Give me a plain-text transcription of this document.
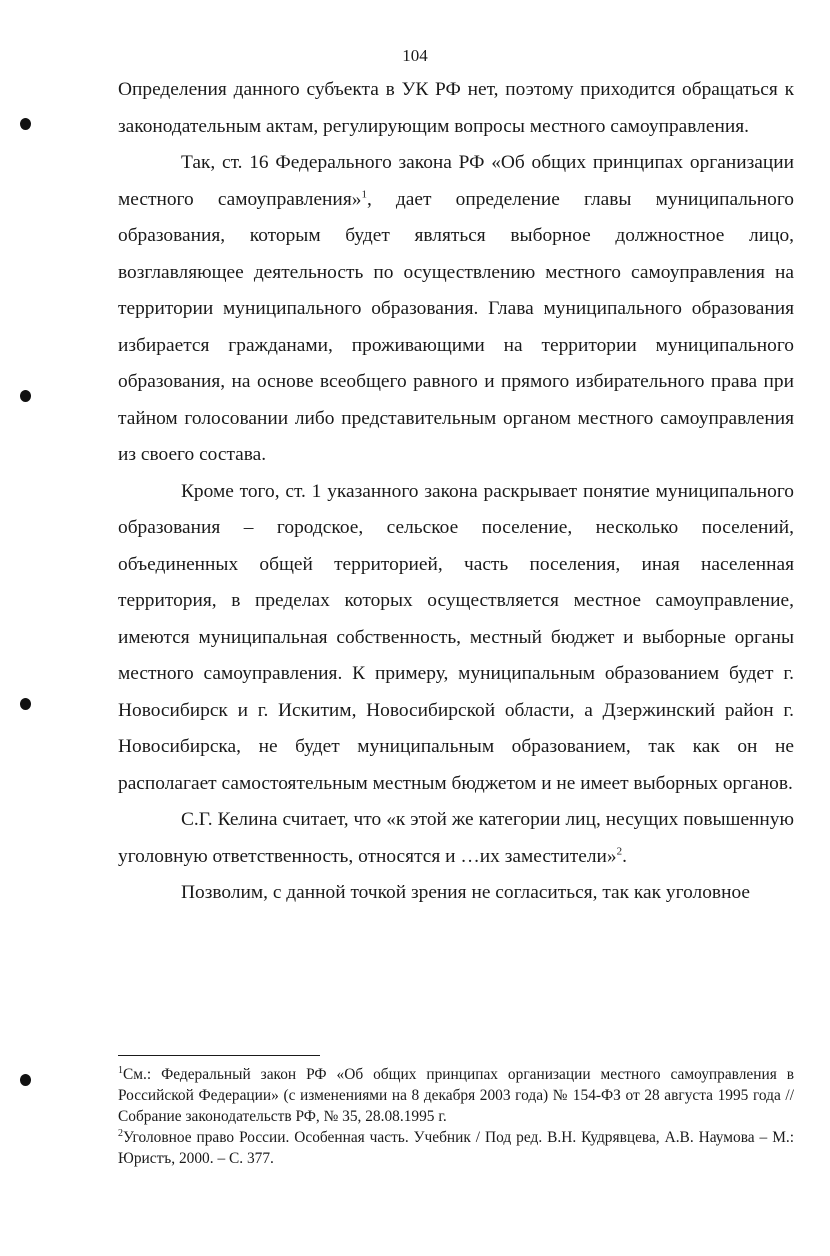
104

Определения данного субъекта в УК РФ нет, поэтому приходится обращаться к законодательным актам, регулирующим вопросы местного самоуправления.

Так, ст. 16 Федерального закона РФ «Об общих принципах организации местного самоуправления»$^1$, дает определение главы муниципального образования, которым будет являться выборное должностное лицо, возглавляющее деятельность по осуществлению местного самоуправления на территории муниципального образования. Глава муниципального образования избирается гражданами, проживающими на территории муниципального образования, на основе всеобщего равного и прямого избирательного права при тайном голосовании либо представительным органом местного самоуправления из своего состава.

Кроме того, ст. 1 указанного закона раскрывает понятие муниципального образования – городское, сельское поселение, несколько поселений, объединенных общей территорией, часть поселения, иная населенная территория, в пределах которых осуществляется местное самоуправление, имеются муниципальная собственность, местный бюджет и выборные органы местного самоуправления. К примеру, муниципальным образованием будет г. Новосибирск и г. Искитим, Новосибирской области, а Дзержинский район г. Новосибирска, не будет муниципальным образованием, так как он не располагает самостоятельным местным бюджетом и не имеет выборных органов.

С.Г. Келина считает, что «к этой же категории лиц, несущих повышенную уголовную ответственность, относятся и …их заместители»$^2$.

Позволим, с данной точкой зрения не согласиться, так как уголовное

$^1$См.: Федеральный закон РФ «Об общих принципах организации местного самоуправления в Российской Федерации» (с изменениями на 8 декабря 2003 года) № 154-ФЗ от 28 августа 1995 года // Собрание законодательств РФ, № 35, 28.08.1995 г.

$^2$Уголовное право России. Особенная часть. Учебник / Под ред. В.Н. Кудрявцева, А.В. Наумова – М.: Юристъ, 2000. – С. 377.
